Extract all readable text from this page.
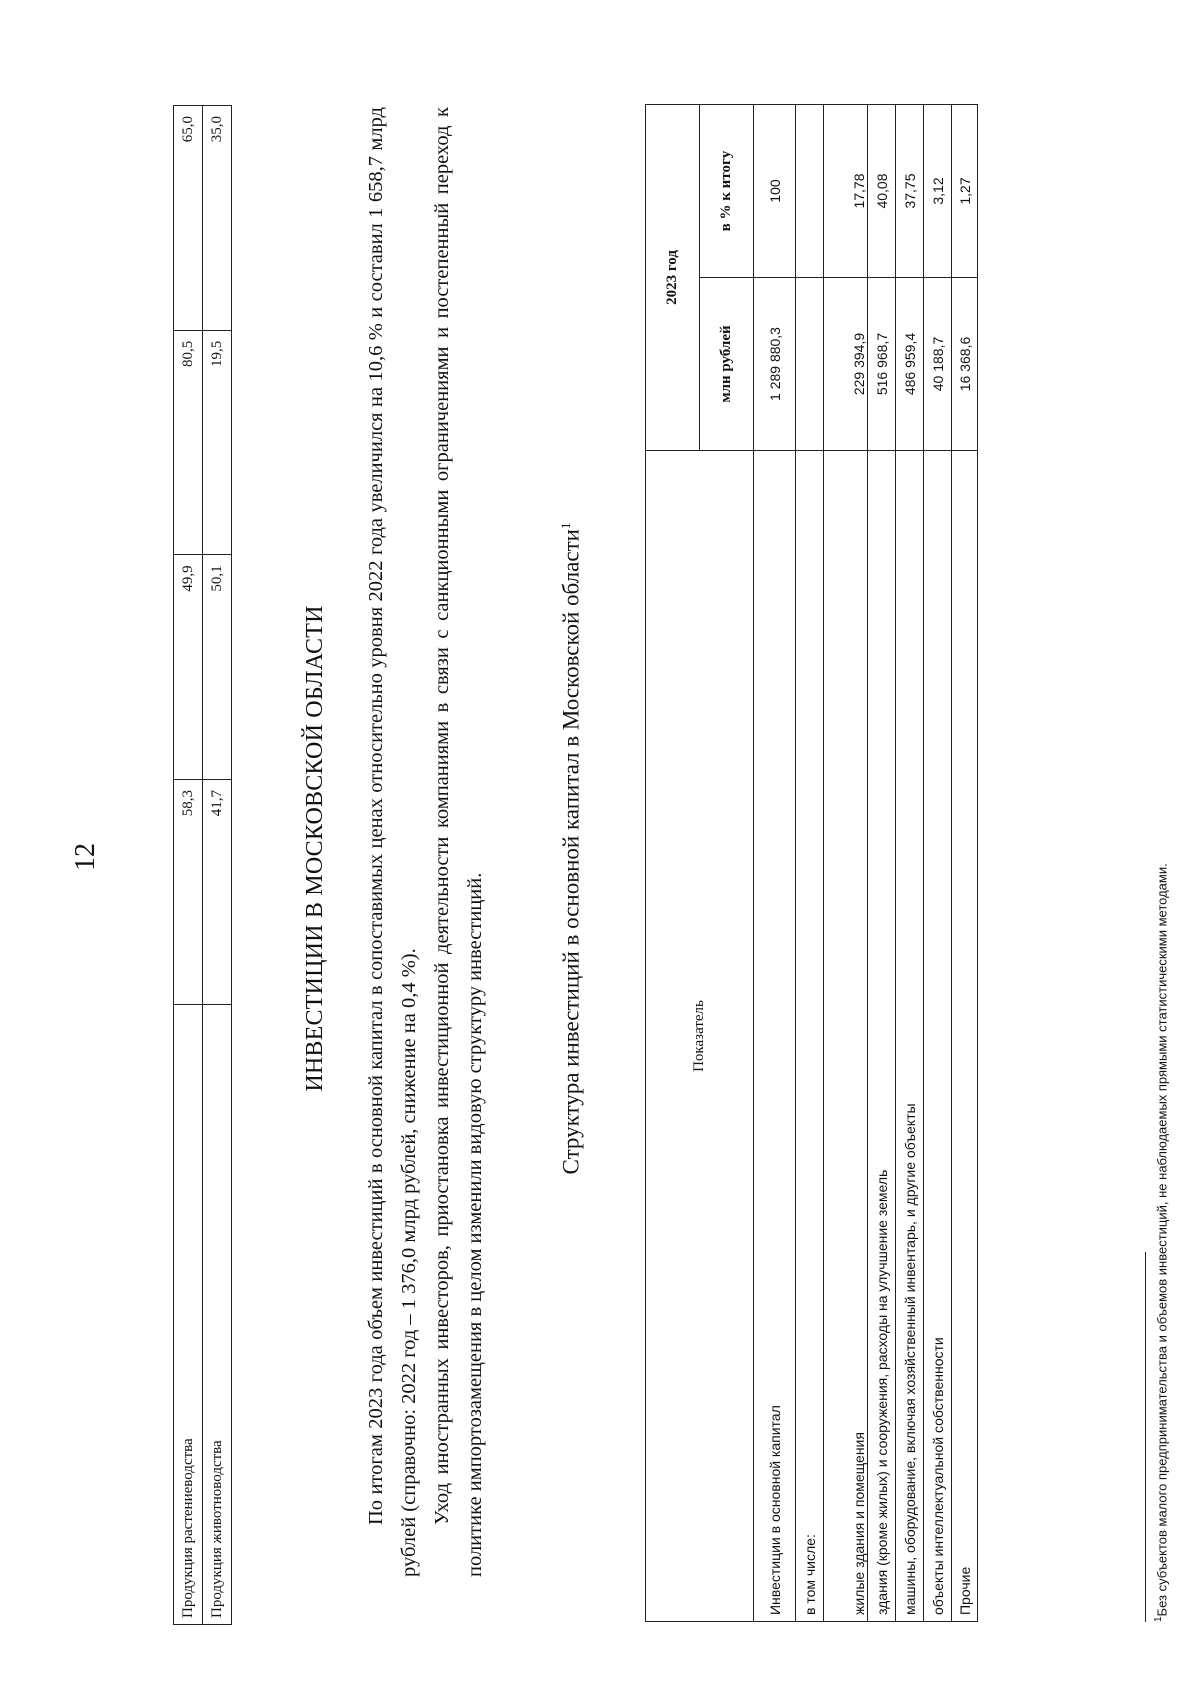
12
Продукция растениеводства	58,3	49,9	80,5	65,0
Продукция животноводства	41,7	50,1	19,5	35,0
ИНВЕСТИЦИИ В МОСКОВСКОЙ ОБЛАСТИ По итогам 2023 года объем инвестиций в основной капитал в сопоставимых ценах относительно уровня 2022 года увеличился на 10,6 % и составил 1 658,7 млрд рублей (справочно: 2022 год – 1 376,0 млрд рублей, снижение на 0,4 %). Уход иностранных инвесторов, приостановка инвестиционной деятельности компаниями в связи с санкционными ограничениями и постепенный переход к политике импортозамещения в целом изменили видовую структуру инвестиций.

Структура инвестиций в основной капитал в Московской области$^1$
Показатель	2023 год	
	млн рублей	в % к итогу
Инвестиции в основной капитал	1 289 880,3	100
в том числе:		
жилые здания и помещения	229 394,9	17,78
здания (кроме жилых) и сооружения, расходы на улучшение земель	516 968,7	40,08
машины, оборудование, включая хозяйственный инвентарь, и другие объекты	486 959,4	37,75
объекты интеллектуальной собственности	40 188,7	3,12
Прочие	16 368,6	1,27
$^1$Без субъектов малого предпринимательства и объемов инвестиций, не наблюдаемых прямыми статистическими методами.
